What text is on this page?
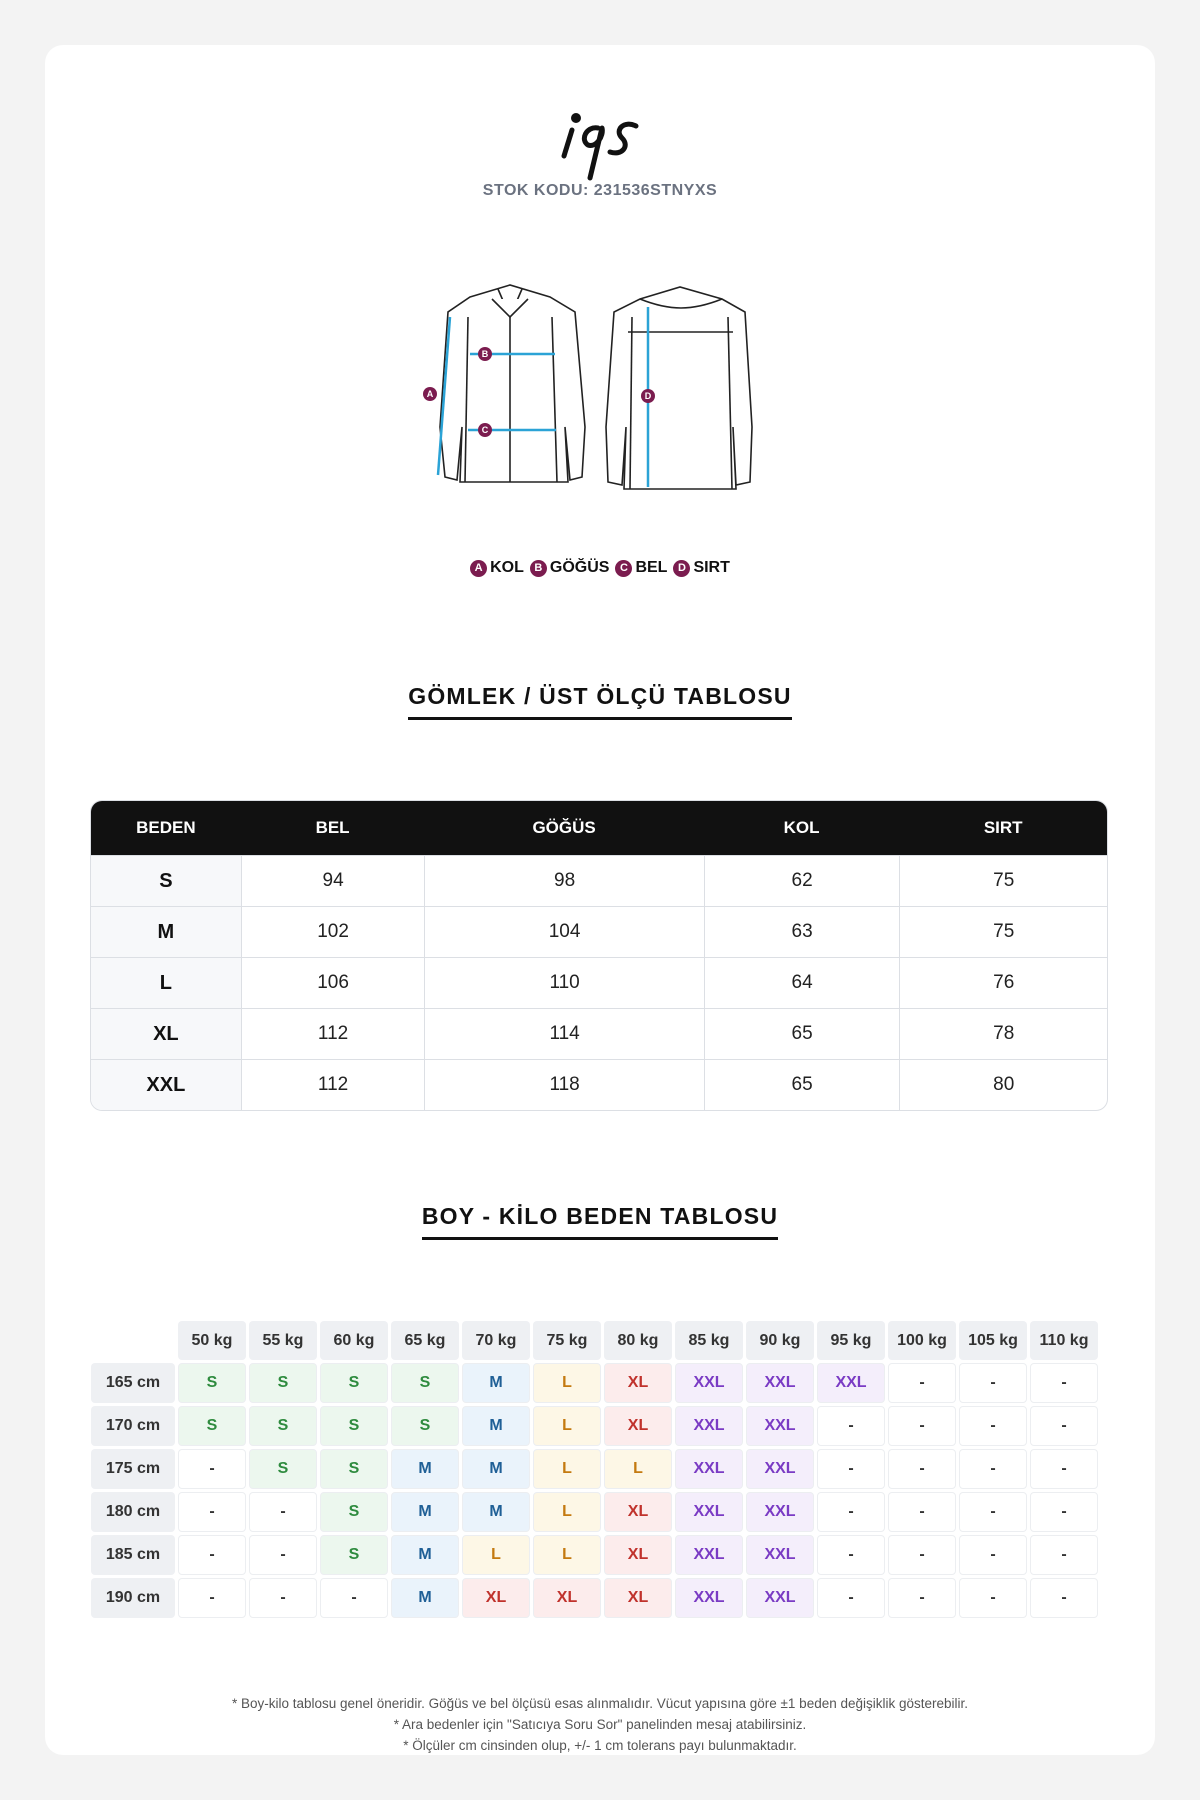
STOK KODU: 231536STNYXS
A
B
C
D
A KOL B GÖĞÜS C BEL D SIRT
GÖMLEK / ÜST ÖLÇÜ TABLOSU
BEDEN	BEL	GÖĞÜS	KOL	SIRT
S	94	98	62	75
M	102	104	63	75
L	106	110	64	76
XL	112	114	65	78
XXL	112	118	65	80
BOY - KİLO BEDEN TABLOSU
	50 kg	55 kg	60 kg	65 kg	70 kg	75 kg	80 kg	85 kg	90 kg	95 kg	100 kg	105 kg	110 kg
165 cm	S	S	S	S	M	L	XL	XXL	XXL	XXL	-	-	-
170 cm	S	S	S	S	M	L	XL	XXL	XXL	-	-	-	-
175 cm	-	S	S	M	M	L	L	XXL	XXL	-	-	-	-
180 cm	-	-	S	M	M	L	XL	XXL	XXL	-	-	-	-
185 cm	-	-	S	M	L	L	XL	XXL	XXL	-	-	-	-
190 cm	-	-	-	M	XL	XL	XL	XXL	XXL	-	-	-	-
* Boy-kilo tablosu genel öneridir. Göğüs ve bel ölçüsü esas alınmalıdır. Vücut yapısına göre ±1 beden değişiklik gösterebilir.
* Ara bedenler için "Satıcıya Soru Sor" panelinden mesaj atabilirsiniz.
* Ölçüler cm cinsinden olup, +/- 1 cm tolerans payı bulunmaktadır.
